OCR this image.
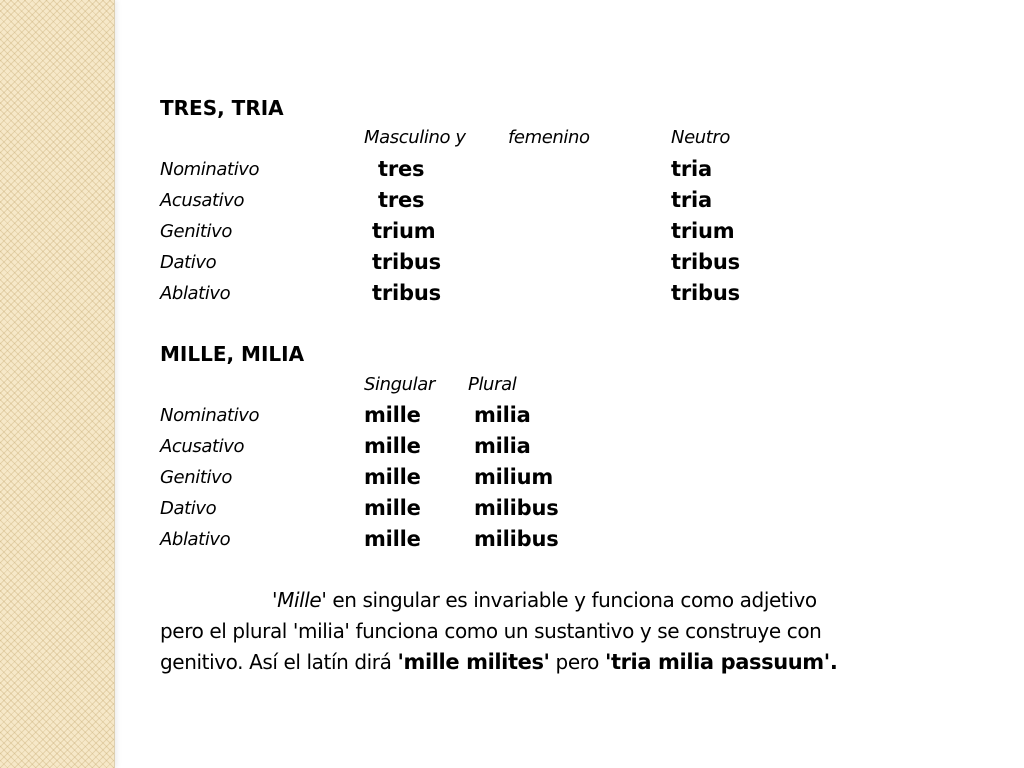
TRES, TRIA
Masculino y femenino	Neutro
Nominativo	tres	tria
Acusativo	tres	tria
Genitivo	trium	trium
Dativo	tribus	tribus
Ablativo	tribus	tribus
MILLE, MILIA
Singular Plural
Nominativo	mille	milia
Acusativo	mille	milia
Genitivo	mille	milium
Dativo	mille	milibus
Ablativo	mille	milibus
'Mille' en singular es invariable y funciona como adjetivo
pero el plural 'milia' funciona como un sustantivo y se construye con
genitivo. Así el latín dirá 'mille milites' pero 'tria milia passuum'.
